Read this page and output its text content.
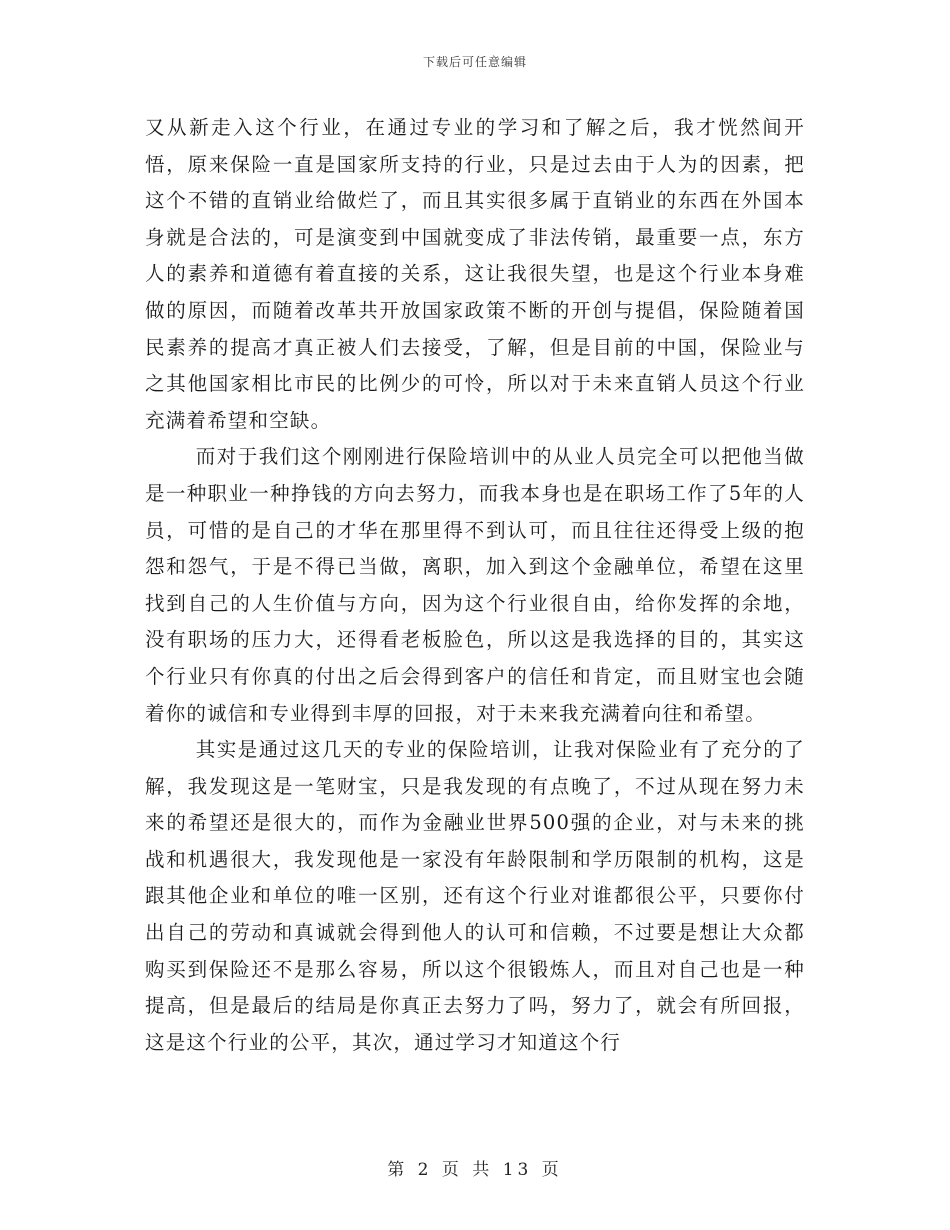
下载后可任意编辑

又从新走入这个行业，在通过专业的学习和了解之后，我才恍然间开悟，原来保险一直是国家所支持的行业，只是过去由于人为的因素，把这个不错的直销业给做烂了，而且其实很多属于直销业的东西在外国本身就是合法的，可是演变到中国就变成了非法传销，最重要一点，东方人的素养和道德有着直接的关系，这让我很失望，也是这个行业本身难做的原因，而随着改革共开放国家政策不断的开创与提倡，保险随着国民素养的提高才真正被人们去接受，了解，但是目前的中国，保险业与之其他国家相比市民的比例少的可怜，所以对于未来直销人员这个行业充满着希望和空缺。

而对于我们这个刚刚进行保险培训中的从业人员完全可以把他当做是一种职业一种挣钱的方向去努力，而我本身也是在职场工作了5年的人员，可惜的是自己的才华在那里得不到认可，而且往往还得受上级的抱怨和怨气，于是不得已当做，离职，加入到这个金融单位，希望在这里找到自己的人生价值与方向，因为这个行业很自由，给你发挥的余地，没有职场的压力大，还得看老板脸色，所以这是我选择的目的，其实这个行业只有你真的付出之后会得到客户的信任和肯定，而且财宝也会随着你的诚信和专业得到丰厚的回报，对于未来我充满着向往和希望。

其实是通过这几天的专业的保险培训，让我对保险业有了充分的了解，我发现这是一笔财宝，只是我发现的有点晚了，不过从现在努力未来的希望还是很大的，而作为金融业世界500强的企业，对与未来的挑战和机遇很大，我发现他是一家没有年龄限制和学历限制的机构，这是跟其他企业和单位的唯一区别，还有这个行业对谁都很公平，只要你付出自己的劳动和真诚就会得到他人的认可和信赖，不过要是想让大众都购买到保险还不是那么容易，所以这个很锻炼人，而且对自己也是一种提高，但是最后的结局是你真正去努力了吗，努力了，就会有所回报，这是这个行业的公平，其次，通过学习才知道这个行

第 2 页 共 13 页
